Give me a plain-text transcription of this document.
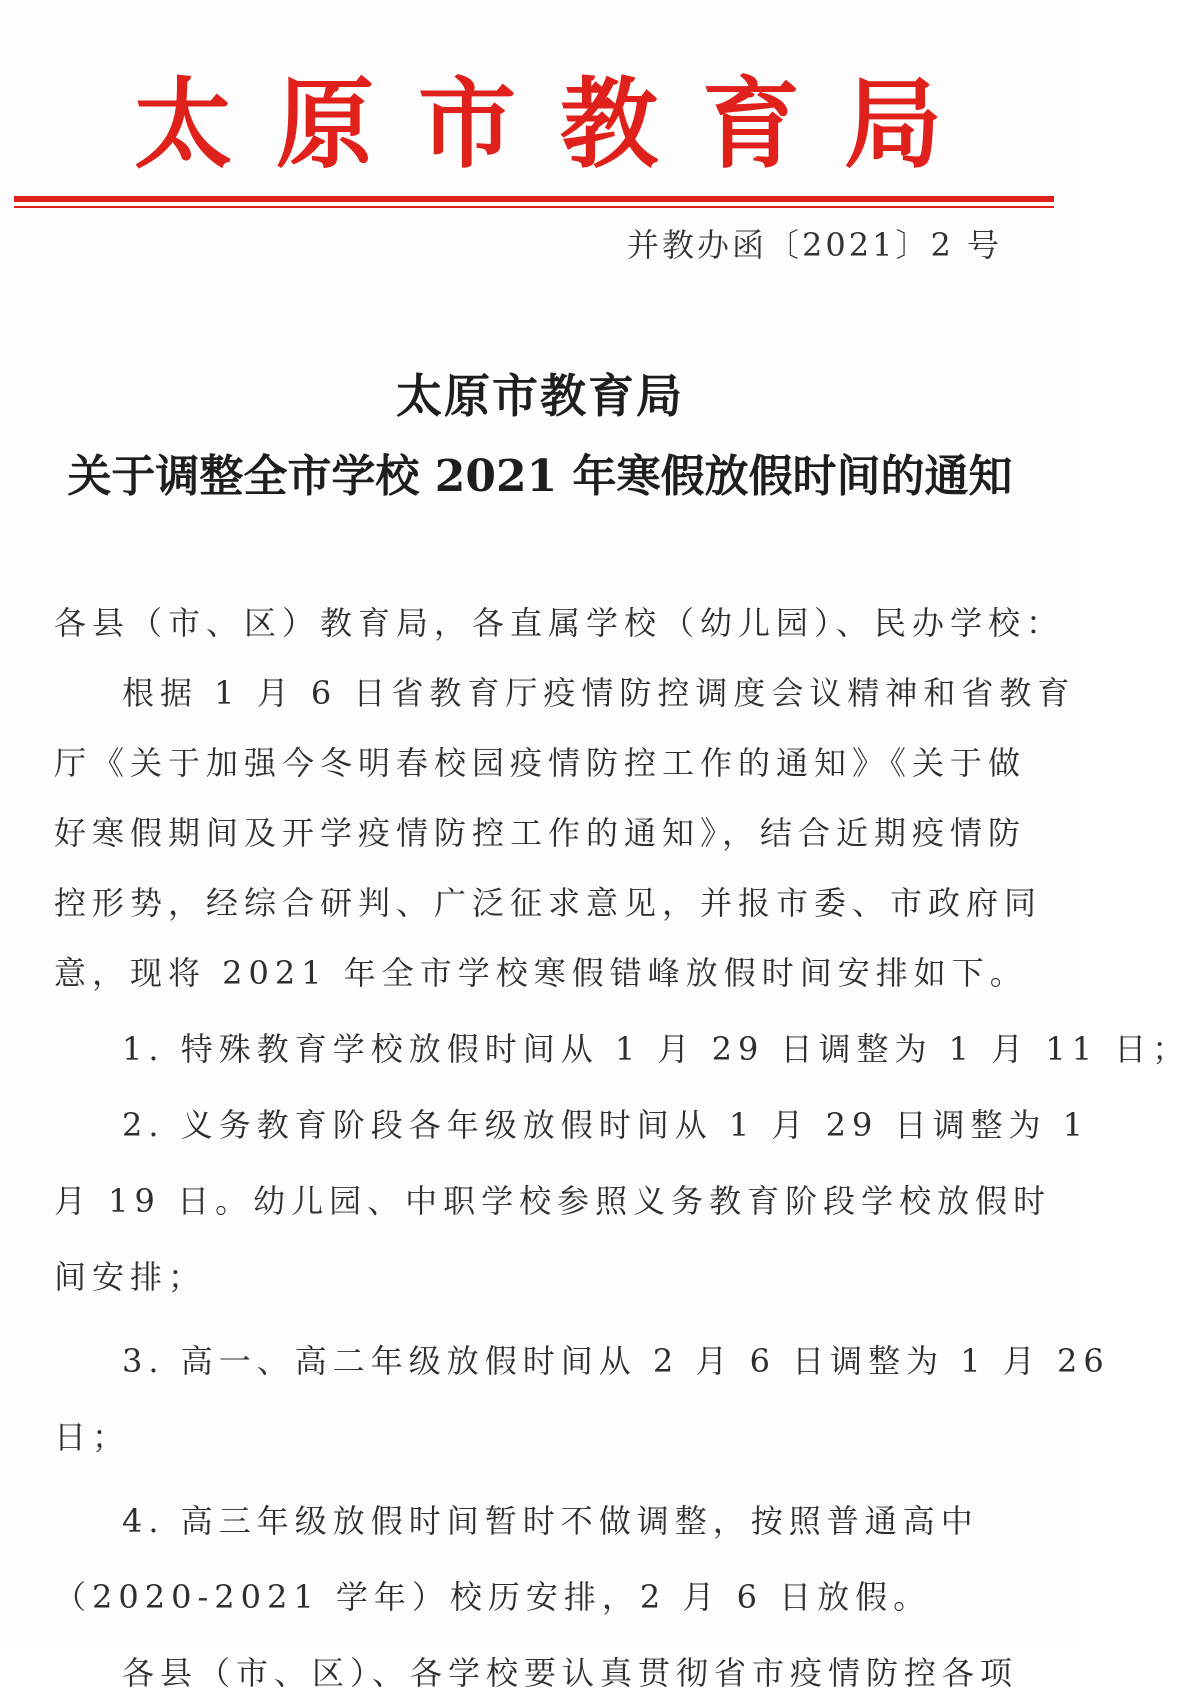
太原市教育局
并教办函〔2021〕2 号
太原市教育局
关于调整全市学校 2021 年寒假放假时间的通知

各县（市、区）教育局，各直属学校（幼儿园）、民办学校：

根据 1 月 6 日省教育厅疫情防控调度会议精神和省教育

厅《关于加强今冬明春校园疫情防控工作的通知》《关于做

好寒假期间及开学疫情防控工作的通知》，结合近期疫情防

控形势，经综合研判、广泛征求意见，并报市委、市政府同

意，现将 2021 年全市学校寒假错峰放假时间安排如下。

1. 特殊教育学校放假时间从 1 月 29 日调整为 1 月 11 日；

2. 义务教育阶段各年级放假时间从 1 月 29 日调整为 1

月 19 日。幼儿园、中职学校参照义务教育阶段学校放假时

间安排；

3. 高一、高二年级放假时间从 2 月 6 日调整为 1 月 26

日；

4. 高三年级放假时间暂时不做调整，按照普通高中

（2020-2021 学年）校历安排，2 月 6 日放假。

各县（市、区）、各学校要认真贯彻省市疫情防控各项
